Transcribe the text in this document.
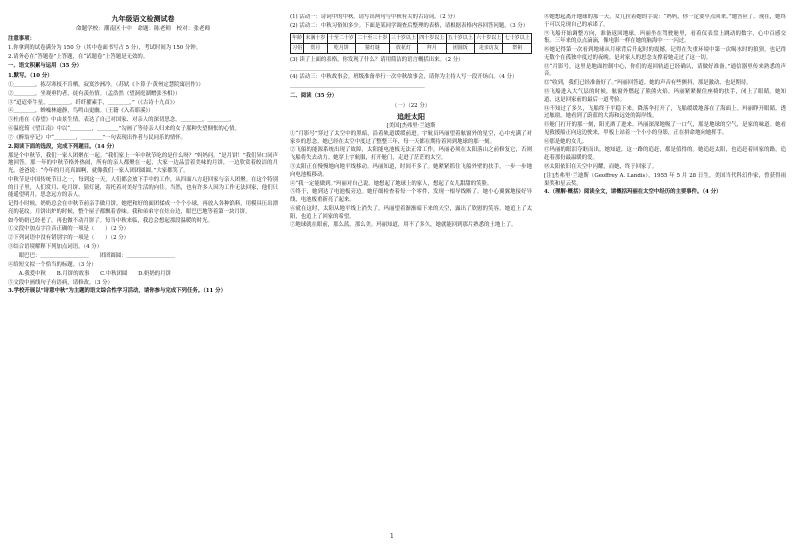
九年级语文检测试卷
命题学校：潮南区十中　命题：陈老师　校对：张老师

注意事项：

1.你拿到的试卷满分为 150 分（其中卷面书写占 5 分），考试时间为 150 分钟。

2.请务必在“答题卷”上答题，在“试题卷”上答题是无效的。

一、语文积累与运用（35 分）

1.默写。（10 分）

①＿＿＿＿，拣尽寒枝不肯栖，寂寞沙洲冷。（苏轼《卜算子·黄州定慧院寓居作》）

②＿＿＿＿，坐观垂钓者，徒有羡鱼情。（孟浩然《望洞庭湖赠张丞相》）

③“迢迢牵牛星，＿＿＿＿。纤纤擢素手，＿＿＿＿。”（《古诗十九首》）

④＿＿＿＿，蝉噪林逾静，鸟鸣山更幽。（王籍《入若耶溪》）

⑤杜甫在《春望》中由景生情，表达了自己对国家、对亲人的深切思念，＿＿＿＿，＿＿＿＿。

⑥温庭筠《望江南》中以“＿＿＿＿，＿＿＿＿”勾画了等待亲人归来的女子那种失望惆怅的心情。

⑦《醉翁亭记》中“＿＿＿＿，＿＿＿＿”一句表现出作者与民同乐的情怀。

2.阅读下面的选段，完成下列题目。（14 分）

那是个中秋节，我们一家人团聚在一起。“我们家上一年中秋节吃的是什么呀？”妈妈问。“是月饼！”我们异口同声地回答。那一年的中秋节格外热闹，所有的亲人都聚在一起，大家一边品尝着美味的月饼，一边欣赏着皎洁的月光。爸爸说：“今年的月亮真圆啊，就像我们一家人团团圆圆。”大家都笑了。

中秋节是中国传统节日之一，每到这一天，人们都会放下手中的工作，从四面八方赶回家与亲人团聚。在这个特别的日子里，人们赏月、吃月饼、猜灯谜，寄托着对美好生活的向往。当然，也有许多人因为工作无法回家，他们只能遥望明月，思念远方的亲人。

记得小时候，奶奶总会在中秋节前亲手做月饼。她把和好的面团揉成一个个小球，再放入各种馅料，用模具压出漂亮的花纹。月饼出炉的时候，整个屋子都飘着香味。我和弟弟守在灶台边，眼巴巴地等着第一块月饼。

如今奶奶已经老了，再也做不动月饼了。每当中秋来临，我总会想起那段温暖的时光。

①文段中加点字注音正确的一项是（　　）（2 分）

②下列词语中没有错别字的一项是（　　）（2 分）

③结合语境解释下列加点词语。（4 分）

　　眼巴巴：＿＿＿＿＿＿＿＿＿　　团团圆圆：＿＿＿＿＿＿＿＿＿

④给短文拟一个恰当的标题。（3 分）

　　A.我爱中秋　　B.月饼的故事　　C.中秋团圆　　D.奶奶的月饼

⑤文段中画线句子有语病，请修改。（3 分）

3.学校开展以“诗意中秋”为主题的语文综合性学习活动，请你参与完成下列任务。（11 分）

(1) 活动一：诗词中的中秋。请写出两句与中秋有关的古诗词。（2 分）

(2) 活动二：中秋习俗知多少。下面是某同学调查后整理的表格，请根据表格内容回答问题。（3 分）

年龄	未满十岁	十至二十岁	二十至三十岁	三十岁以上	四十岁以上	五十岁以上	六十岁以上	七十岁以上
习俗	赏月	吃月饼	猜灯谜	放花灯	拜月	团圆饭	走亲访友	祭祖

(3) 读了上面的表格，你发现了什么？请用简洁的语言概括出来。（2 分）

＿＿＿＿＿＿＿＿＿＿＿＿＿＿＿＿＿＿＿＿＿＿＿＿＿

(4) 活动三：中秋故事会。班级准备举行一次中秋故事会，请你为主持人写一段开场白。（4 分）

＿＿＿＿＿＿＿＿＿＿＿＿＿＿＿＿＿＿＿＿＿＿＿＿＿

二、阅读（35 分）
（一）（22 分）
追赶太阳
[美国]杰弗里·兰迪斯

①“月影号”穿过了太空中的黑暗，沿着轨道缓缓前进。宇航员玛丽望着舷窗外的星空，心中充满了对家乡的思念。她已经在太空中度过了整整三年，每一天都在期待着回到地球的那一刻。

②飞船的能源系统出现了故障，太阳能电池板无法正常工作。玛丽必须在太阳落山之前修复它，否则飞船将失去动力。她穿上宇航服，打开舱门，走进了茫茫的太空。

③太阳正在慢慢地向地平线移动。玛丽知道，时间不多了。她紧紧抓住飞船外壁的扶手，一步一步地向电池板移动。

④“我一定能做到。”玛丽对自己说。她想起了地球上的家人，想起了女儿甜甜的笑脸。

⑤终于，她到达了电池板旁边。她仔细检查着每一个零件，发现一根导线断了。她小心翼翼地接好导线，电池板重新亮了起来。

⑥就在这时，太阳从地平线上消失了。玛丽望着渐渐暗下来的天空，露出了欣慰的笑容。她追上了太阳，也追上了回家的希望。

⑦地球就在眼前，那么蓝，那么美。玛丽知道，用不了多久，她就能回到那片熟悉的土地上了。

⑧她想起离开地球的那一天，女儿拉着她的手说：“妈妈，你一定要早点回来。”她答应了。现在，她终于可以兑现自己的承诺了。

⑨飞船开始调整方向，准备返回地球。玛丽坐在驾驶舱里，看着仪表盘上跳动的数字，心中百感交集。三年来的点点滴滴，像电影一样在她的脑海中一一闪过。

⑩她记得第一次看到地球从月球背后升起时的震撼，记得在失重环境中第一次喝水时的狼狈，也记得无数个在孤独中度过的夜晚。是对家人的思念支撑着她走过了这一切。

⑪“月影号，这里是地面控制中心，你们的返回轨道已经确认，请做好准备。”通信器里传来熟悉的声音。

⑫“收到，我们已经准备好了。”玛丽回答道。她的声音有些颤抖，那是激动，也是期待。

⑬飞船进入大气层的时候，舷窗外燃起了熊熊火焰。玛丽紧紧握住座椅的扶手，闭上了眼睛。她知道，这是回家前的最后一道考验。

⑭不知过了多久，飞船终于平稳下来。降落伞打开了，飞船缓缓地落在了海面上。玛丽睁开眼睛，透过舷窗，她看到了蔚蓝的大海和远处的海岸线。

⑮舱门打开的那一刻，阳光洒了进来。玛丽深深地吸了一口气，那是地球的空气，是家的味道。她看见救援船正向这边驶来，甲板上站着一个小小的身影，正在拼命地向她挥手。

⑯那是她的女儿。

⑰玛丽的眼泪夺眶而出。她知道，这一路的追赶，都是值得的。她追赶太阳，也追赶着回家的路，追赶着那份最温暖的爱。

⑱太阳依旧在天空中闪耀，而她，终于回家了。

[注]杰弗里·兰迪斯（Geoffrey A. Landis），1955 年 5 月 28 日生，美国当代科幻作家，曾获得雨果奖和星云奖。

4.（理解·概括）阅读全文，请概括玛丽在太空中经历的主要事件。（4 分）

1
